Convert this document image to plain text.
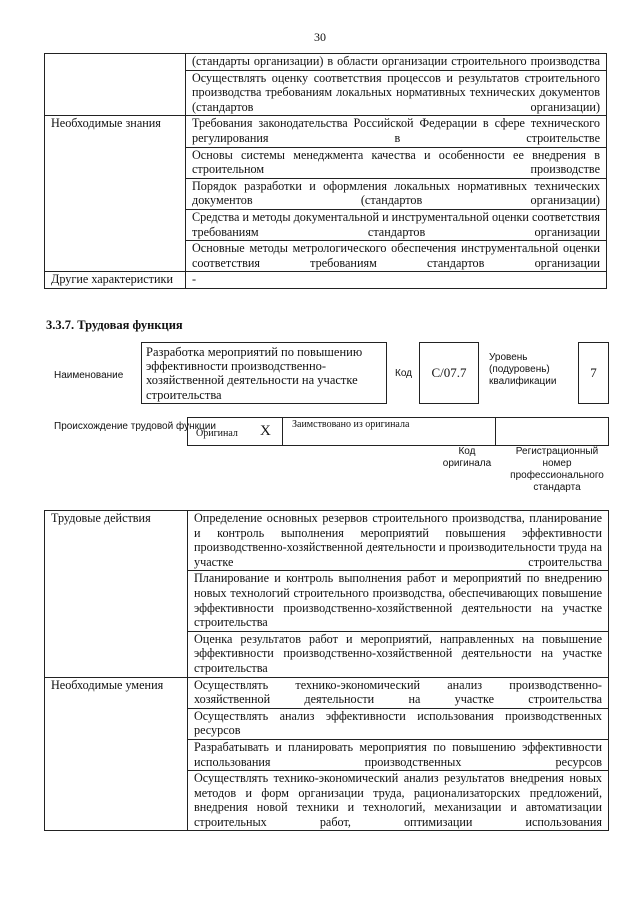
30
	(стандарты организации) в области организации строительного производства
	Осуществлять оценку соответствия процессов и результатов строительного производства требованиям локальных нормативных технических документов (стандартов организации)
Необходимые знания	Требования законодательства Российской Федерации в сфере технического регулирования в строительстве
	Основы системы менеджмента качества и особенности ее внедрения в строительном производстве
	Порядок разработки и оформления локальных нормативных технических документов (стандартов организации)
	Средства и методы документальной и инструментальной оценки соответствия требованиям стандартов организации
	Основные методы метрологического обеспечения инструментальной оценки соответствия требованиям стандартов организации
Другие характеристики	-
3.3.7. Трудовая функция
Наименование
Разработка мероприятий по повышению эффективности производственно-хозяйственной деятельности на участке строительства
Код	С/07.7
Уровень (подуровень) квалификации
7
Происхождение трудовой функции
Оригинал X Заимствовано из оригинала
Код оригинала
Регистрационный номер профессионального стандарта
Трудовые действия	Определение основных резервов строительного производства, планирование и контроль выполнения мероприятий повышения эффективности производственно-хозяйственной деятельности и производительности труда на участке строительства
	Планирование и контроль выполнения работ и мероприятий по внедрению новых технологий строительного производства, обеспечивающих повышение эффективности производственно-хозяйственной деятельности на участке строительства
	Оценка результатов работ и мероприятий, направленных на повышение эффективности производственно-хозяйственной деятельности на участке строительства
Необходимые умения	Осуществлять технико-экономический анализ производственно-хозяйственной деятельности на участке строительства
	Осуществлять анализ эффективности использования производственных ресурсов
	Разрабатывать и планировать мероприятия по повышению эффективности использования производственных ресурсов
	Осуществлять технико-экономический анализ результатов внедрения новых методов и форм организации труда, рационализаторских предложений, внедрения новой техники и технологий, механизации и автоматизации строительных работ, оптимизации использования
